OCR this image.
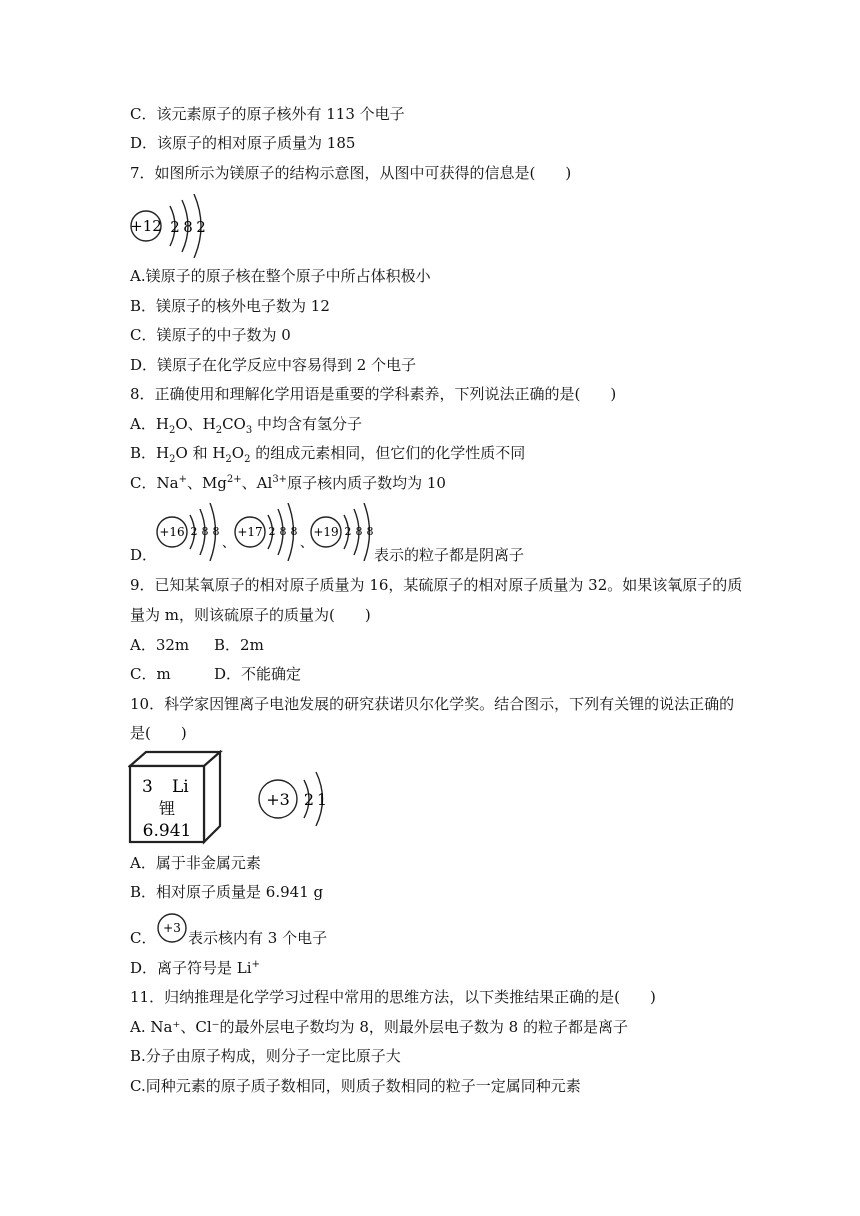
C．该元素原子的原子核外有 113 个电子
D．该原子的相对原子质量为 185
7．如图所示为镁原子的结构示意图，从图中可获得的信息是(　　)
+12 2 8 2
A.镁原子的原子核在整个原子中所占体积极小
B．镁原子的核外电子数为 12
C．镁原子的中子数为 0
D．镁原子在化学反应中容易得到 2 个电子
8．正确使用和理解化学用语是重要的学科素养，下列说法正确的是(　　)
A．$H_2O$、$H_2CO_3$ 中均含有氢分子
B．$H_2O$ 和 $H_2O_2$ 的组成元素相同，但它们的化学性质不同
C．Na+、$Mg^{2+}$、$Al^{3+}$原子核内质子数均为 10
D．
+16 2 8 8
、
+17 2 8 8
、
+19 2 8 8
表示的粒子都是阴离子
9．已知某氧原子的相对原子质量为 16，某硫原子的相对原子质量为 32。如果该氧原子的质
量为 m，则该硫原子的质量为(　　)
A．32m B．2m
C．m	D．不能确定
10．科学家因锂离子电池发展的研究获诺贝尔化学奖。结合图示，下列有关锂的说法正确的
是(　　)
3 Li
锂
6.941
+3 2 1
A．属于非金属元素
B．相对原子质量是 6.941 g
C．
+3
表示核内有 3 个电子
D．离子符号是 Li+
11．归纳推理是化学学习过程中常用的思维方法，以下类推结果正确的是(　　)
A. Na⁺、Cl⁻的最外层电子数均为 8，则最外层电子数为 8 的粒子都是离子
B.分子由原子构成，则分子一定比原子大
C.同种元素的原子质子数相同，则质子数相同的粒子一定属同种元素
